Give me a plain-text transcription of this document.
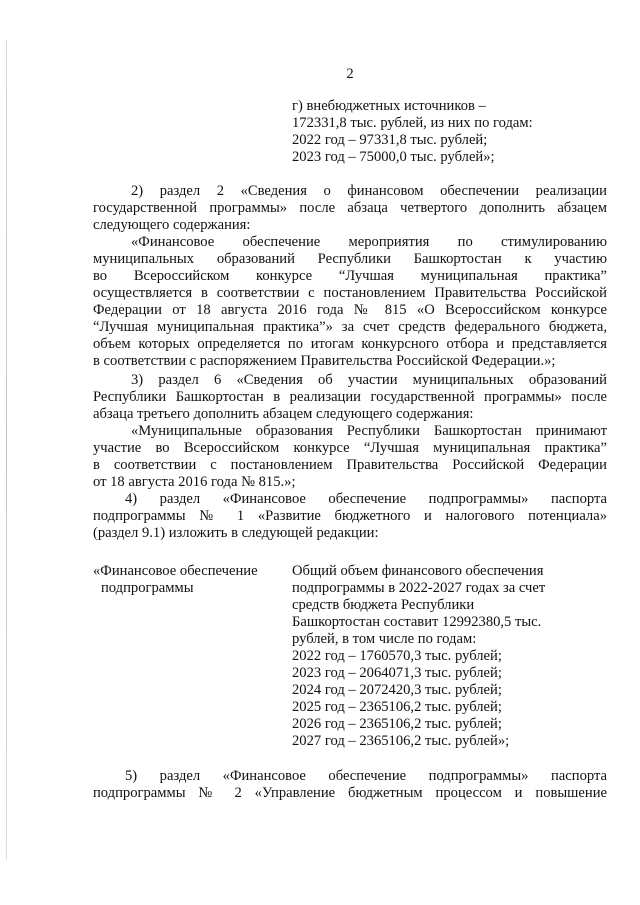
2

г) внебюджетных источников –

172331,8 тыс. рублей, из них по годам:

2022 год – 97331,8 тыс. рублей;

2023 год – 75000,0 тыс. рублей»;

2) раздел 2 «Сведения о финансовом обеспечении реализации

государственной программы» после абзаца четвертого дополнить абзацем

следующего содержания:

«Финансовое обеспечение мероприятия по стимулированию

муниципальных образований Республики Башкортостан к участию

во Всероссийском конкурсе “Лучшая муниципальная практика”

осуществляется в соответствии с постановлением Правительства Российской

Федерации от 18 августа 2016 года № 815 «О Всероссийском конкурсе

“Лучшая муниципальная практика”» за счет средств федерального бюджета,

объем которых определяется по итогам конкурсного отбора и представляется

в соответствии с распоряжением Правительства Российской Федерации.»;

3) раздел 6 «Сведения об участии муниципальных образований

Республики Башкортостан в реализации государственной программы» после

абзаца третьего дополнить абзацем следующего содержания:

«Муниципальные образования Республики Башкортостан принимают

участие во Всероссийском конкурсе “Лучшая муниципальная практика”

в соответствии с постановлением Правительства Российской Федерации

от 18 августа 2016 года № 815.»;

4) раздел «Финансовое обеспечение подпрограммы» паспорта

подпрограммы № 1 «Развитие бюджетного и налогового потенциала»

(раздел 9.1) изложить в следующей редакции:

«Финансовое обеспечение

подпрограммы

Общий объем финансового обеспечения

подпрограммы в 2022-2027 годах за счет

средств бюджета Республики

Башкортостан составит 12992380,5 тыс.

рублей, в том числе по годам:

2022 год – 1760570,3 тыс. рублей;

2023 год – 2064071,3 тыс. рублей;

2024 год – 2072420,3 тыс. рублей;

2025 год – 2365106,2 тыс. рублей;

2026 год – 2365106,2 тыс. рублей;

2027 год – 2365106,2 тыс. рублей»;

5) раздел «Финансовое обеспечение подпрограммы» паспорта

подпрограммы № 2 «Управление бюджетным процессом и повышение
